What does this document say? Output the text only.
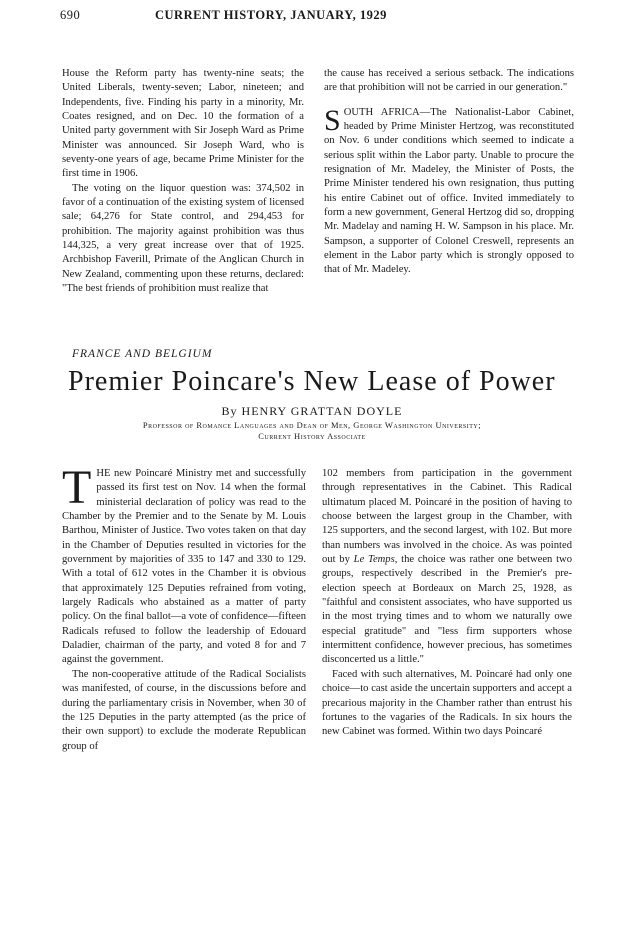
690	CURRENT HISTORY, JANUARY, 1929

House the Reform party has twenty-nine seats; the United Liberals, twenty-seven; Labor, nineteen; and Independents, five. Finding his party in a minority, Mr. Coates resigned, and on Dec. 10 the formation of a United party government with Sir Joseph Ward as Prime Minister was announced. Sir Joseph Ward, who is seventy-one years of age, became Prime Minister for the first time in 1906.

The voting on the liquor question was: 374,502 in favor of a continuation of the existing system of licensed sale; 64,276 for State control, and 294,453 for prohibition. The majority against prohibition was thus 144,325, a very great increase over that of 1925. Archbishop Faverill, Primate of the Anglican Church in New Zealand, commenting upon these returns, declared: "The best friends of prohibition must realize that

the cause has received a serious setback. The indications are that prohibition will not be carried in our generation."

SOUTH AFRICA—The Nationalist-Labor Cabinet, headed by Prime Minister Hertzog, was reconstituted on Nov. 6 under conditions which seemed to indicate a serious split within the Labor party. Unable to procure the resignation of Mr. Madeley, the Minister of Posts, the Prime Minister tendered his own resignation, thus putting his entire Cabinet out of office. Invited immediately to form a new government, General Hertzog did so, dropping Mr. Madelay and naming H. W. Sampson in his place. Mr. Sampson, a supporter of Colonel Creswell, represents an element in the Labor party which is strongly opposed to that of Mr. Madeley.

FRANCE AND BELGIUM
Premier Poincare's New Lease of Power
By HENRY GRATTAN DOYLE
Professor of Romance Languages and Dean of Men, George Washington University;
Current History Associate

THE new Poincaré Ministry met and successfully passed its first test on Nov. 14 when the formal ministerial declaration of policy was read to the Chamber by the Premier and to the Senate by M. Louis Barthou, Minister of Justice. Two votes taken on that day in the Chamber of Deputies resulted in victories for the government by majorities of 335 to 147 and 330 to 129. With a total of 612 votes in the Chamber it is obvious that approximately 125 Deputies refrained from voting, largely Radicals who abstained as a matter of party policy. On the final ballot—a vote of confidence—fifteen Radicals refused to follow the leadership of Edouard Daladier, chairman of the party, and voted 8 for and 7 against the government.

The non-cooperative attitude of the Radical Socialists was manifested, of course, in the discussions before and during the parliamentary crisis in November, when 30 of the 125 Deputies in the party attempted (as the price of their own support) to exclude the moderate Republican group of

102 members from participation in the government through representatives in the Cabinet. This Radical ultimatum placed M. Poincaré in the position of having to choose between the largest group in the Chamber, with 125 supporters, and the second largest, with 102. But more than numbers was involved in the choice. As was pointed out by Le Temps, the choice was rather one between two groups, respectively described in the Premier's pre-election speech at Bordeaux on March 25, 1928, as "faithful and consistent associates, who have supported us in the most trying times and to whom we naturally owe especial gratitude" and "less firm supporters whose intermittent confidence, however precious, has sometimes disconcerted us a little."

Faced with such alternatives, M. Poincaré had only one choice—to cast aside the uncertain supporters and accept a precarious majority in the Chamber rather than entrust his fortunes to the vagaries of the Radicals. In six hours the new Cabinet was formed. Within two days Poincaré
